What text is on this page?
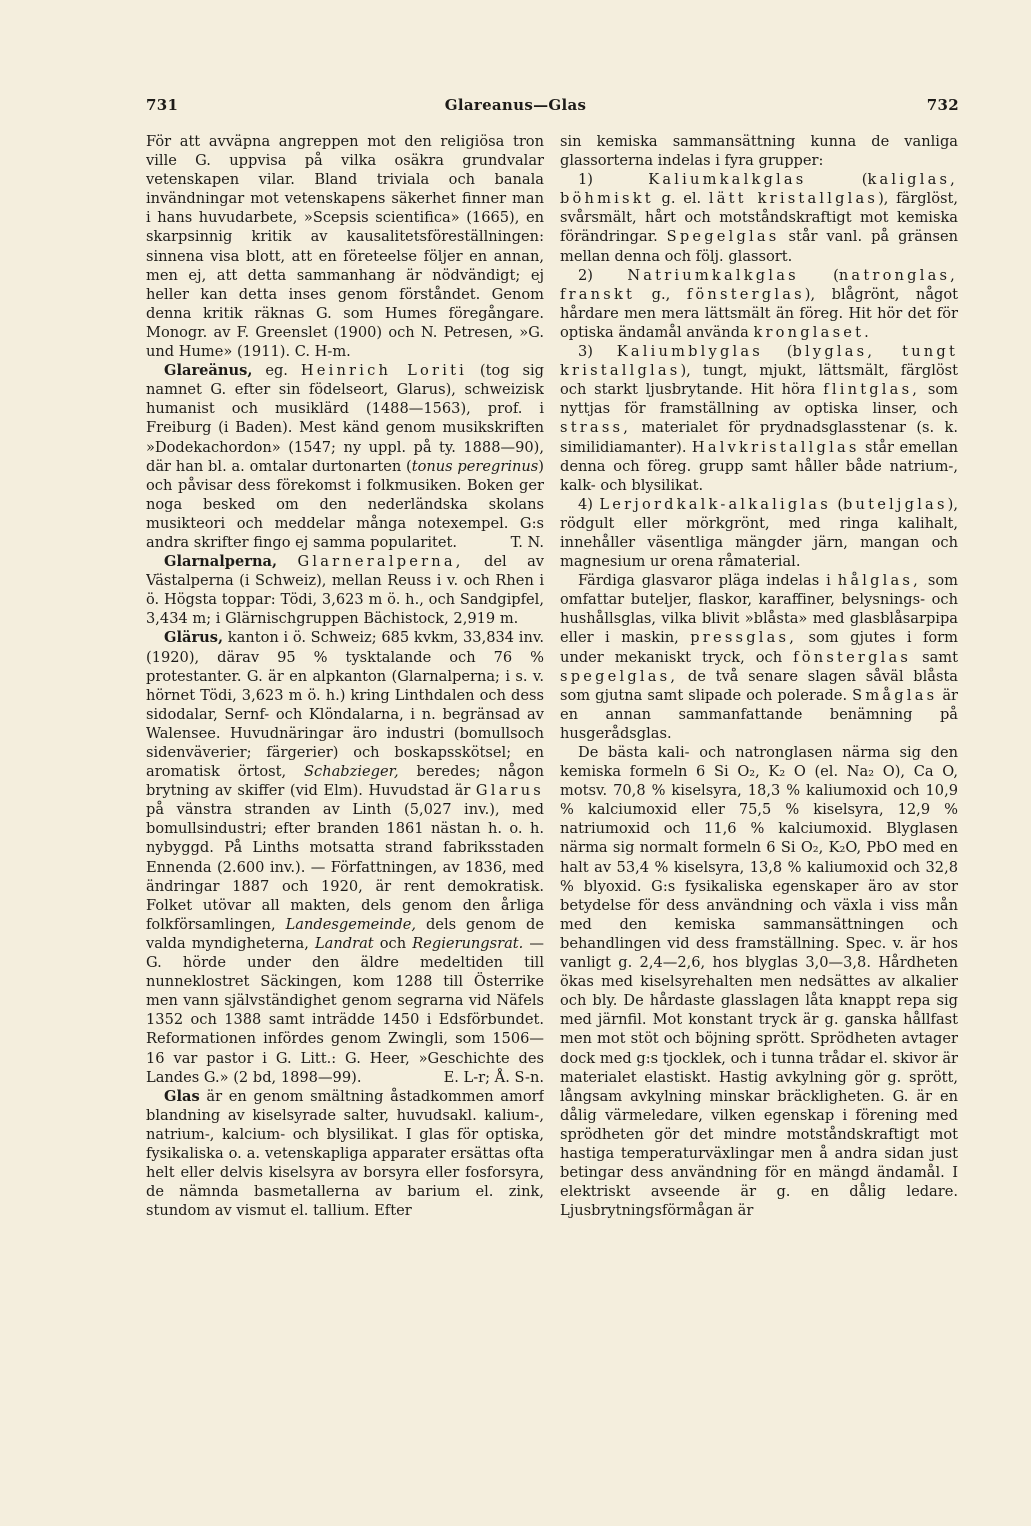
731	Glareanus—Glas	732

För att avväpna angreppen mot den religiösa tron ville G. uppvisa på vilka osäkra grundvalar vetenskapen vilar. Bland triviala och banala invändningar mot vetenskapens säkerhet finner man i hans huvudarbete, »Scepsis scientifica» (1665), en skarpsinnig kritik av kausalitetsföreställningen: sinnena visa blott, att en företeelse följer en annan, men ej, att detta sammanhang är nödvändigt; ej heller kan detta inses genom förståndet. Genom denna kritik räknas G. som Humes föregångare. Monogr. av F. Greenslet (1900) och N. Petresen, »G. und Hume» (1911). C. H-m.

Glareänus, eg. Heinrich Loriti (tog sig namnet G. efter sin födelseort, Glarus), schweizisk humanist och musiklärd (1488—1563), prof. i Freiburg (i Baden). Mest känd genom musikskriften »Dodekachordon» (1547; ny uppl. på ty. 1888—90), där han bl. a. omtalar durtonarten (tonus peregrinus) och påvisar dess förekomst i folkmusiken. Boken ger noga besked om den nederländska skolans musikteori och meddelar många notexempel. G:s andra skrifter fingo ej samma popularitet.	T. N.

Glarnalperna, Glarneralperna, del av Västalperna (i Schweiz), mellan Reuss i v. och Rhen i ö. Högsta toppar: Tödi, 3,623 m ö. h., och Sandgipfel, 3,434 m; i Glärnischgruppen Bächistock, 2,919 m.

Glärus, kanton i ö. Schweiz; 685 kvkm, 33,834 inv. (1920), därav 95 % tysktalande och 76 % protestanter. G. är en alpkanton (Glarnalperna; i s. v. hörnet Tödi, 3,623 m ö. h.) kring Linthdalen och dess sidodalar, Sernf- och Klöndalarna, i n. begränsad av Walensee. Huvudnäringar äro industri (bomullsoch sidenväverier; färgerier) och boskapsskötsel; en aromatisk örtost, Schabzieger, beredes; någon brytning av skiffer (vid Elm). Huvudstad är Glarus på vänstra stranden av Linth (5,027 inv.), med bomullsindustri; efter branden 1861 nästan h. o. h. nybyggd. På Linths motsatta strand fabriksstaden Ennenda (2.600 inv.). — Författningen, av 1836, med ändringar 1887 och 1920, är rent demokratisk. Folket utövar all makten, dels genom den årliga folkförsamlingen, Landesgemeinde, dels genom de valda myndigheterna, Landrat och Regierungsrat. — G. hörde under den äldre medeltiden till nunneklostret Säckingen, kom 1288 till Österrike men vann självständighet genom segrarna vid Näfels 1352 och 1388 samt inträdde 1450 i Edsförbundet. Reformationen infördes genom Zwingli, som 1506—16 var pastor i G. Litt.: G. Heer, »Geschichte des Landes G.» (2 bd, 1898—99).	E. L-r; Å. S-n.

Glas är en genom smältning åstadkommen amorf blandning av kiselsyrade salter, huvudsakl. kalium-, natrium-, kalcium- och blysilikat. I glas för optiska, fysikaliska o. a. vetenskapliga apparater ersättas ofta helt eller delvis kiselsyra av borsyra eller fosforsyra, de nämnda basmetallerna av barium el. zink, stundom av vismut el. tallium. Efter

sin kemiska sammansättning kunna de vanliga glassorterna indelas i fyra grupper:

1)	Kaliumkalkglas	(kaliglas, böhmiskt g. el. lätt kristallglas), färglöst, svårsmält, hårt och motståndskraftigt mot kemiska förändringar. Spegelglas står vanl. på gränsen mellan denna och följ. glassort.

2) Natriumkalkglas (natronglas, franskt g., fönsterglas), blågrönt, något hårdare men mera lättsmält än föreg. Hit hör det för optiska ändamål använda kronglaset.

3) Kaliumblyglas (blyglas, tungt kristallglas), tungt, mjukt, lättsmält, färglöst och starkt ljusbrytande. Hit höra flintglas, som nyttjas för framställning av optiska linser, och strass, materialet för prydnadsglasstenar (s. k. similidiamanter). Halvkristallglas står emellan denna och föreg. grupp samt håller både natrium-, kalk- och blysilikat.

4) Lerjordkalk-alkaliglas (buteljglas), rödgult eller mörkgrönt, med ringa kalihalt, innehåller väsentliga mängder järn, mangan och magnesium ur orena råmaterial.

Färdiga glasvaror pläga indelas i hålglas, som omfattar buteljer, flaskor, karaffiner, belysnings- och hushållsglas, vilka blivit »blåsta» med glasblåsarpipa eller i maskin, pressglas, som gjutes i form under mekaniskt tryck, och fönsterglas samt spegelglas, de två senare slagen såväl blåsta som gjutna samt slipade och polerade. Småglas är en annan sammanfattande benämning på husgerådsglas.

De bästa kali- och natronglasen närma sig den kemiska formeln 6 Si O₂, K₂ O (el. Na₂ O), Ca O, motsv. 70,8 % kiselsyra, 18,3 % kaliumoxid och 10,9 % kalciumoxid eller 75,5 % kiselsyra, 12,9 % natriumoxid och 11,6 % kalciumoxid. Blyglasen närma sig normalt formeln 6 Si O₂, K₂O, PbO med en halt av 53,4 % kiselsyra, 13,8 % kaliumoxid och 32,8 % blyoxid. G:s fysikaliska egenskaper äro av stor betydelse för dess användning och växla i viss mån med den kemiska sammansättningen och behandlingen vid dess framställning. Spec. v. är hos vanligt g. 2,4—2,6, hos blyglas 3,0—3,8. Hårdheten ökas med kiselsyrehalten men nedsättes av alkalier och bly. De hårdaste glasslagen låta knappt repa sig med järnfil. Mot konstant tryck är g. ganska hållfast men mot stöt och böjning sprött. Sprödheten avtager dock med g:s tjocklek, och i tunna trådar el. skivor är materialet elastiskt. Hastig avkylning gör g. sprött, långsam avkylning minskar bräckligheten. G. är en dålig värmeledare, vilken egenskap i förening med sprödheten gör det mindre motståndskraftigt mot hastiga temperaturväxlingar men å andra sidan just betingar dess användning för en mängd ändamål. I elektriskt avseende är g. en dålig ledare. Ljusbrytningsförmågan är
